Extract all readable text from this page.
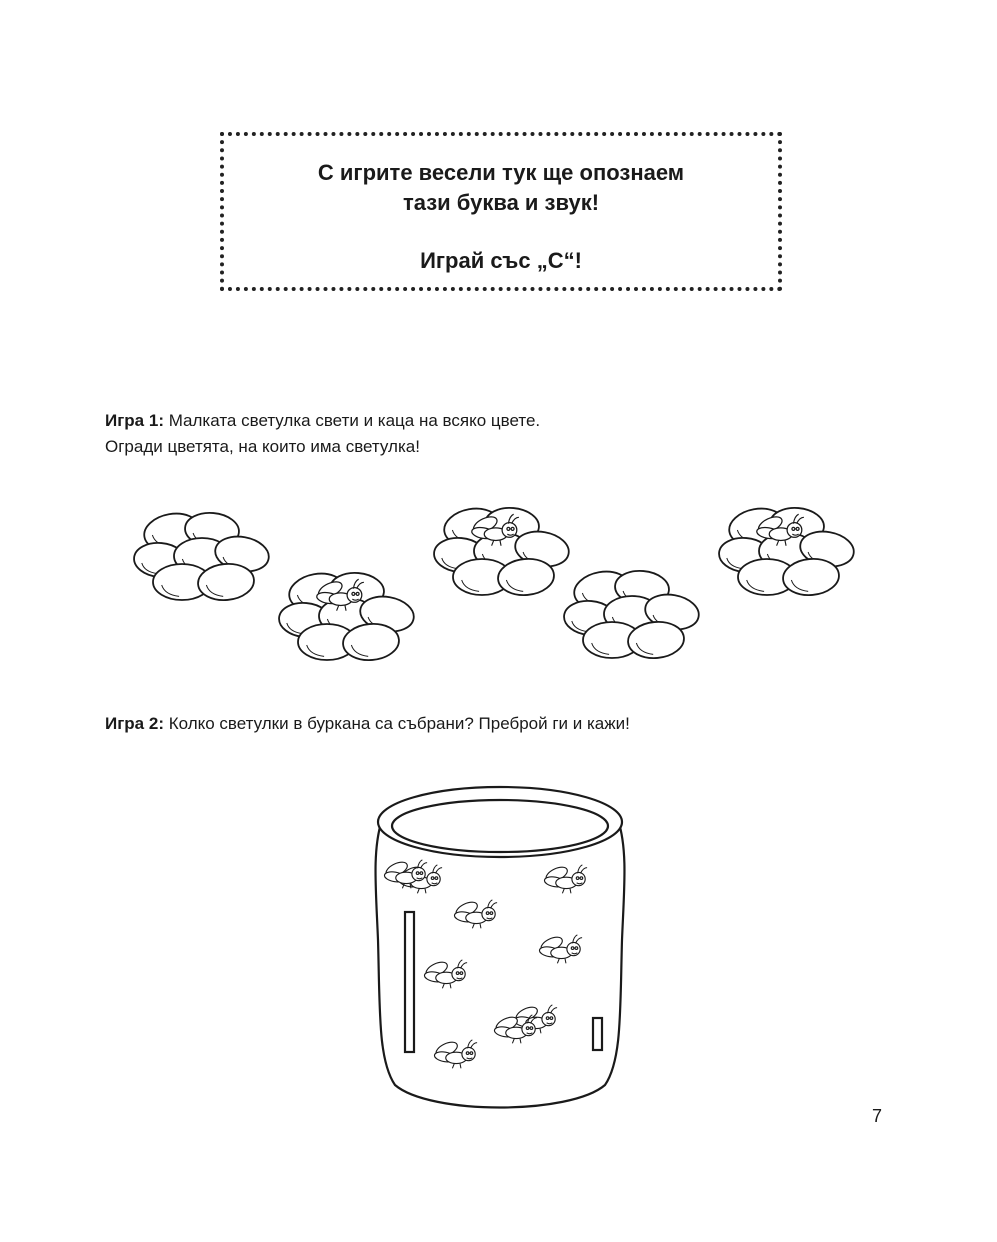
С игрите весели тук ще опознаем
тази буква и звук!
Играй със „С“!
Игра 1: Малката светулка свети и каца на всяко цвете.
Огради цветята, на които има светулка!
Игра 2: Колко светулки в буркана са събрани? Преброй ги и кажи!
7
